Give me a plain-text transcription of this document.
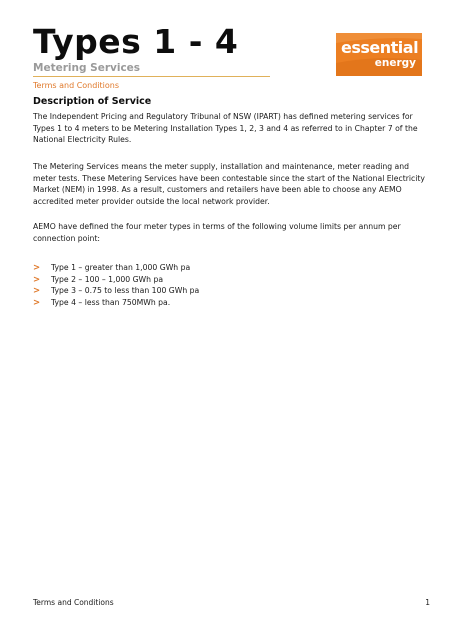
Types 1 - 4
Metering Services
Terms and Conditions
essential
energy
Description of Service

The Independent Pricing and Regulatory Tribunal of NSW (IPART) has defined metering services for Types 1 to 4 meters to be Metering Installation Types 1, 2, 3 and 4 as referred to in Chapter 7 of the National Electricity Rules.

The Metering Services means the meter supply, installation and maintenance, meter reading and meter tests. These Metering Services have been contestable since the start of the National Electricity Market (NEM) in 1998. As a result, customers and retailers have been able to choose any AEMO accredited meter provider outside the local network provider.

AEMO have defined the four meter types in terms of the following volume limits per annum per connection point:

> Type 1 – greater than 1,000 GWh pa
> Type 2 – 100 – 1,000 GWh pa
> Type 3 – 0.75 to less than 100 GWh pa
> Type 4 – less than 750MWh pa.
Terms and Conditions	1
